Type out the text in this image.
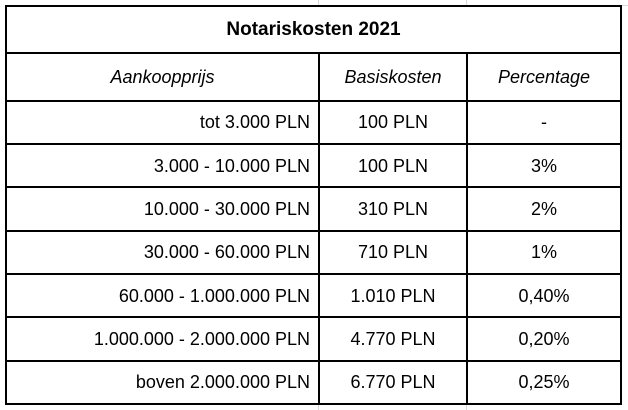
Notariskosten 2021		
Aankoopprijs	Basiskosten	Percentage
tot 3.000 PLN	100 PLN	-
3.000 - 10.000 PLN	100 PLN	3%
10.000 - 30.000 PLN	310 PLN	2%
30.000 - 60.000 PLN	710 PLN	1%
60.000 - 1.000.000 PLN	1.010 PLN	0,40%
1.000.000 - 2.000.000 PLN	4.770 PLN	0,20%
boven 2.000.000 PLN	6.770 PLN	0,25%
